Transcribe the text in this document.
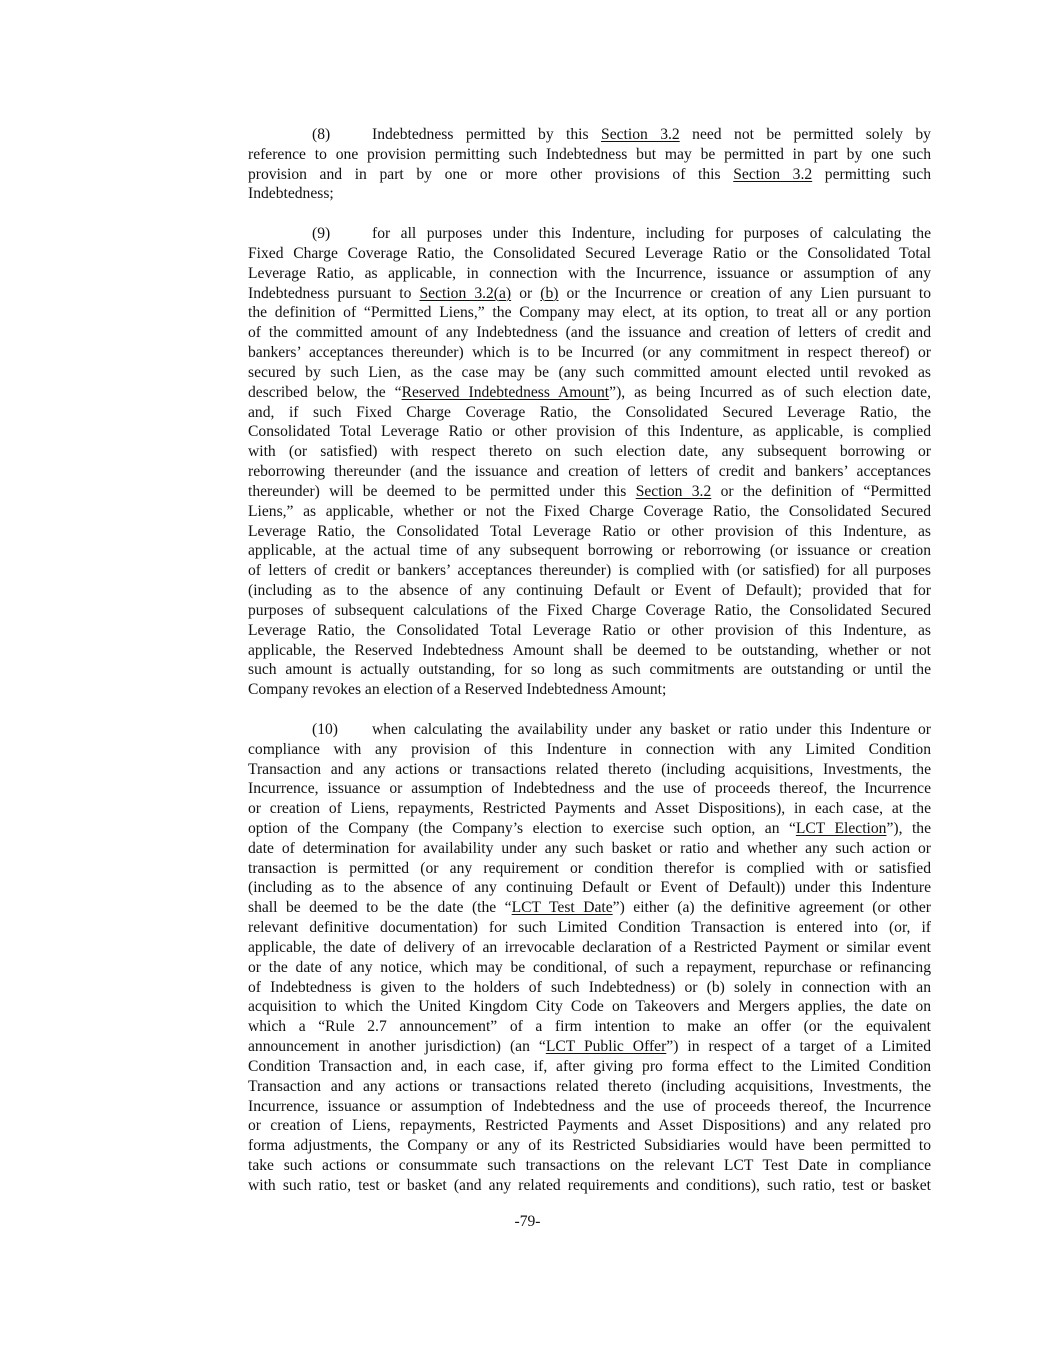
(8)	Indebtedness permitted by this Section 3.2 need not be permitted solely by
reference to one provision permitting such Indebtedness but may be permitted in part by one such
provision and in part by one or more other provisions of this Section 3.2 permitting such
Indebtedness;
(9)	for all purposes under this Indenture, including for purposes of calculating the
Fixed Charge Coverage Ratio, the Consolidated Secured Leverage Ratio or the Consolidated Total
Leverage Ratio, as applicable, in connection with the Incurrence, issuance or assumption of any
Indebtedness pursuant to Section 3.2(a) or (b) or the Incurrence or creation of any Lien pursuant to
the definition of “Permitted Liens,” the Company may elect, at its option, to treat all or any portion
of the committed amount of any Indebtedness (and the issuance and creation of letters of credit and
bankers’ acceptances thereunder) which is to be Incurred (or any commitment in respect thereof) or
secured by such Lien, as the case may be (any such committed amount elected until revoked as
described below, the “Reserved Indebtedness Amount”), as being Incurred as of such election date,
and, if such Fixed Charge Coverage Ratio, the Consolidated Secured Leverage Ratio, the
Consolidated Total Leverage Ratio or other provision of this Indenture, as applicable, is complied
with (or satisfied) with respect thereto on such election date, any subsequent borrowing or
reborrowing thereunder (and the issuance and creation of letters of credit and bankers’ acceptances
thereunder) will be deemed to be permitted under this Section 3.2 or the definition of “Permitted
Liens,” as applicable, whether or not the Fixed Charge Coverage Ratio, the Consolidated Secured
Leverage Ratio, the Consolidated Total Leverage Ratio or other provision of this Indenture, as
applicable, at the actual time of any subsequent borrowing or reborrowing (or issuance or creation
of letters of credit or bankers’ acceptances thereunder) is complied with (or satisfied) for all purposes
(including as to the absence of any continuing Default or Event of Default); provided that for
purposes of subsequent calculations of the Fixed Charge Coverage Ratio, the Consolidated Secured
Leverage Ratio, the Consolidated Total Leverage Ratio or other provision of this Indenture, as
applicable, the Reserved Indebtedness Amount shall be deemed to be outstanding, whether or not
such amount is actually outstanding, for so long as such commitments are outstanding or until the
Company revokes an election of a Reserved Indebtedness Amount;
(10) when calculating the availability under any basket or ratio under this Indenture or
compliance with any provision of this Indenture in connection with any Limited Condition
Transaction and any actions or transactions related thereto (including acquisitions, Investments, the
Incurrence, issuance or assumption of Indebtedness and the use of proceeds thereof, the Incurrence
or creation of Liens, repayments, Restricted Payments and Asset Dispositions), in each case, at the
option of the Company (the Company’s election to exercise such option, an “LCT Election”), the
date of determination for availability under any such basket or ratio and whether any such action or
transaction is permitted (or any requirement or condition therefor is complied with or satisfied
(including as to the absence of any continuing Default or Event of Default)) under this Indenture
shall be deemed to be the date (the “LCT Test Date”) either (a) the definitive agreement (or other
relevant definitive documentation) for such Limited Condition Transaction is entered into (or, if
applicable, the date of delivery of an irrevocable declaration of a Restricted Payment or similar event
or the date of any notice, which may be conditional, of such a repayment, repurchase or refinancing
of Indebtedness is given to the holders of such Indebtedness) or (b) solely in connection with an
acquisition to which the United Kingdom City Code on Takeovers and Mergers applies, the date on
which a “Rule 2.7 announcement” of a firm intention to make an offer (or the equivalent
announcement in another jurisdiction) (an “LCT Public Offer”) in respect of a target of a Limited
Condition Transaction and, in each case, if, after giving pro forma effect to the Limited Condition
Transaction and any actions or transactions related thereto (including acquisitions, Investments, the
Incurrence, issuance or assumption of Indebtedness and the use of proceeds thereof, the Incurrence
or creation of Liens, repayments, Restricted Payments and Asset Dispositions) and any related pro
forma adjustments, the Company or any of its Restricted Subsidiaries would have been permitted to
take such actions or consummate such transactions on the relevant LCT Test Date in compliance
with such ratio, test or basket (and any related requirements and conditions), such ratio, test or basket
-79-
